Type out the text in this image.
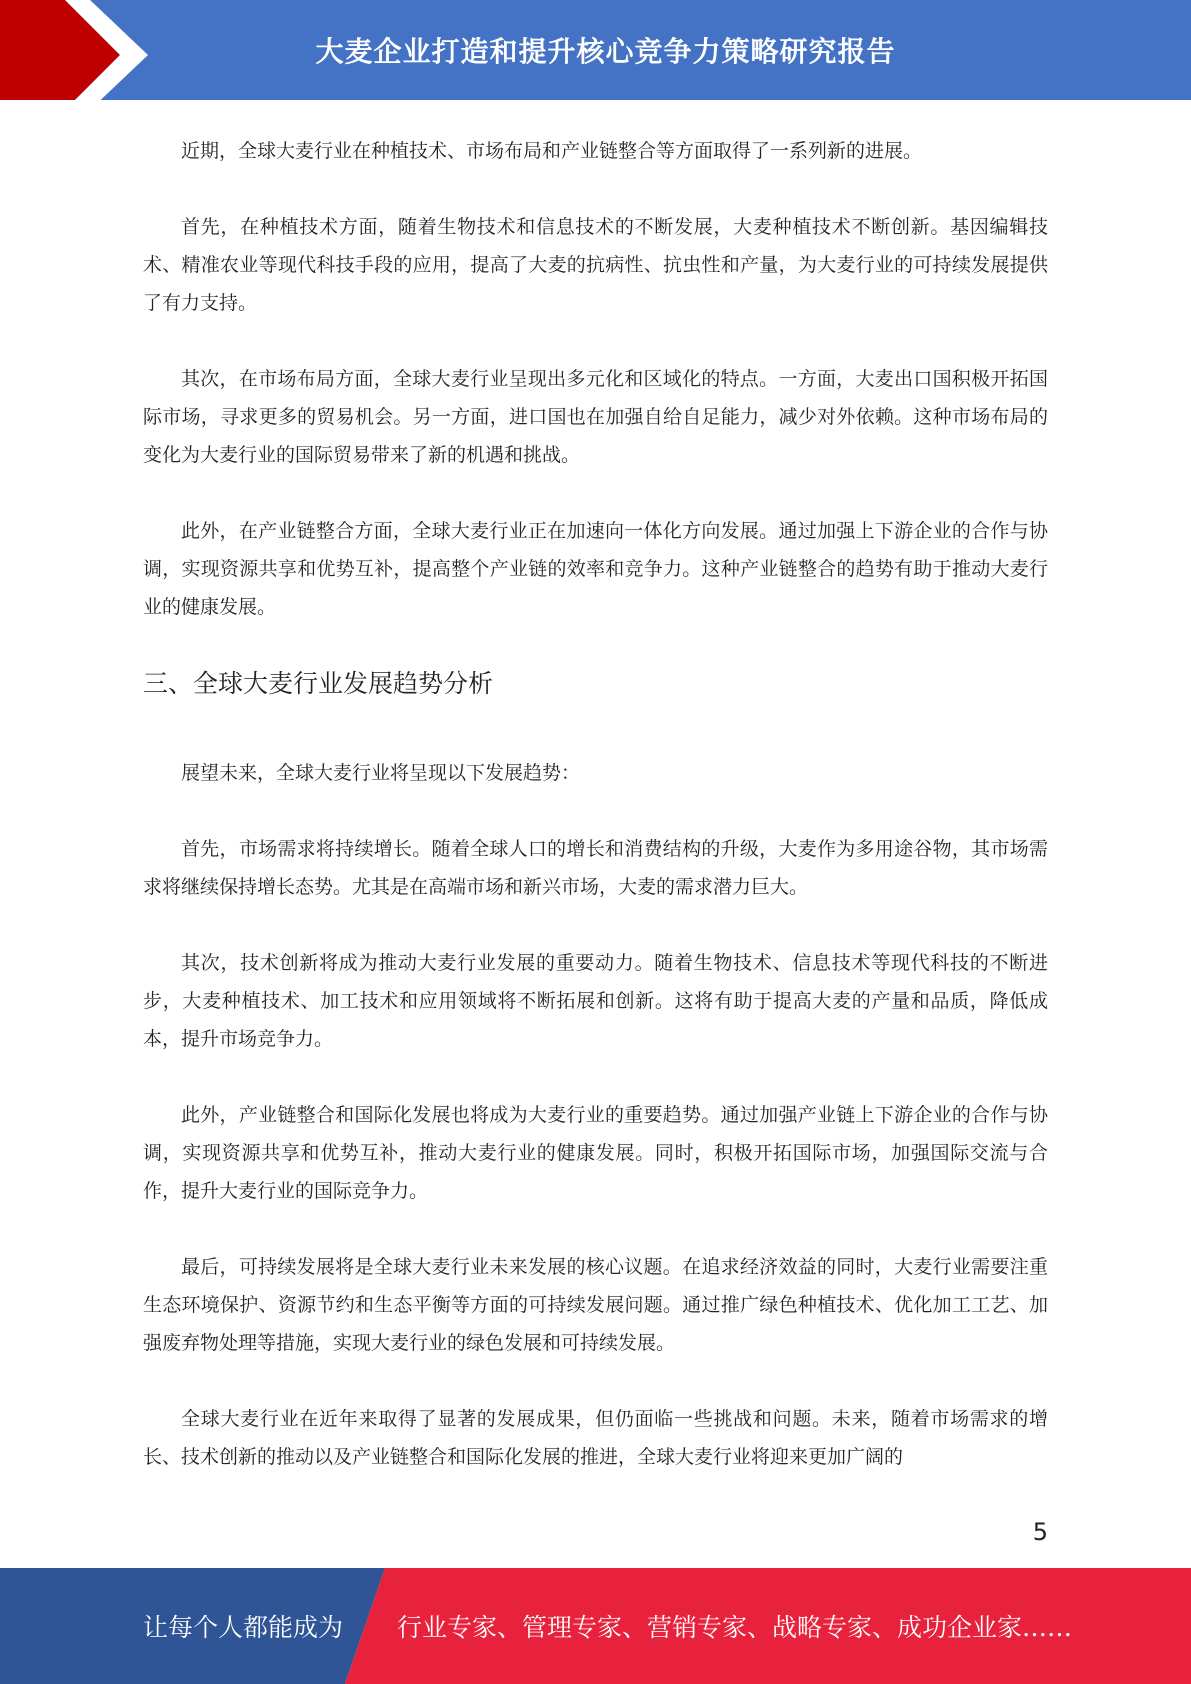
大麦企业打造和提升核心竞争力策略研究报告

近期，全球大麦行业在种植技术、市场布局和产业链整合等方面取得了一系列新的进展。

首先，在种植技术方面，随着生物技术和信息技术的不断发展，大麦种植技术不断创新。基因编辑技术、精准农业等现代科技手段的应用，提高了大麦的抗病性、抗虫性和产量，为大麦行业的可持续发展提供了有力支持。

其次，在市场布局方面，全球大麦行业呈现出多元化和区域化的特点。一方面，大麦出口国积极开拓国际市场，寻求更多的贸易机会。另一方面，进口国也在加强自给自足能力，减少对外依赖。这种市场布局的变化为大麦行业的国际贸易带来了新的机遇和挑战。

此外，在产业链整合方面，全球大麦行业正在加速向一体化方向发展。通过加强上下游企业的合作与协调，实现资源共享和优势互补，提高整个产业链的效率和竞争力。这种产业链整合的趋势有助于推动大麦行业的健康发展。

三、全球大麦行业发展趋势分析

展望未来，全球大麦行业将呈现以下发展趋势：

首先，市场需求将持续增长。随着全球人口的增长和消费结构的升级，大麦作为多用途谷物，其市场需求将继续保持增长态势。尤其是在高端市场和新兴市场，大麦的需求潜力巨大。

其次，技术创新将成为推动大麦行业发展的重要动力。随着生物技术、信息技术等现代科技的不断进步，大麦种植技术、加工技术和应用领域将不断拓展和创新。这将有助于提高大麦的产量和品质，降低成本，提升市场竞争力。

此外，产业链整合和国际化发展也将成为大麦行业的重要趋势。通过加强产业链上下游企业的合作与协调，实现资源共享和优势互补，推动大麦行业的健康发展。同时，积极开拓国际市场，加强国际交流与合作，提升大麦行业的国际竞争力。

最后，可持续发展将是全球大麦行业未来发展的核心议题。在追求经济效益的同时，大麦行业需要注重生态环境保护、资源节约和生态平衡等方面的可持续发展问题。通过推广绿色种植技术、优化加工工艺、加强废弃物处理等措施，实现大麦行业的绿色发展和可持续发展。

全球大麦行业在近年来取得了显著的发展成果，但仍面临一些挑战和问题。未来，随着市场需求的增长、技术创新的推动以及产业链整合和国际化发展的推进，全球大麦行业将迎来更加广阔的

5
让每个人都能成为 行业专家、管理专家、营销专家、战略专家、成功企业家……
